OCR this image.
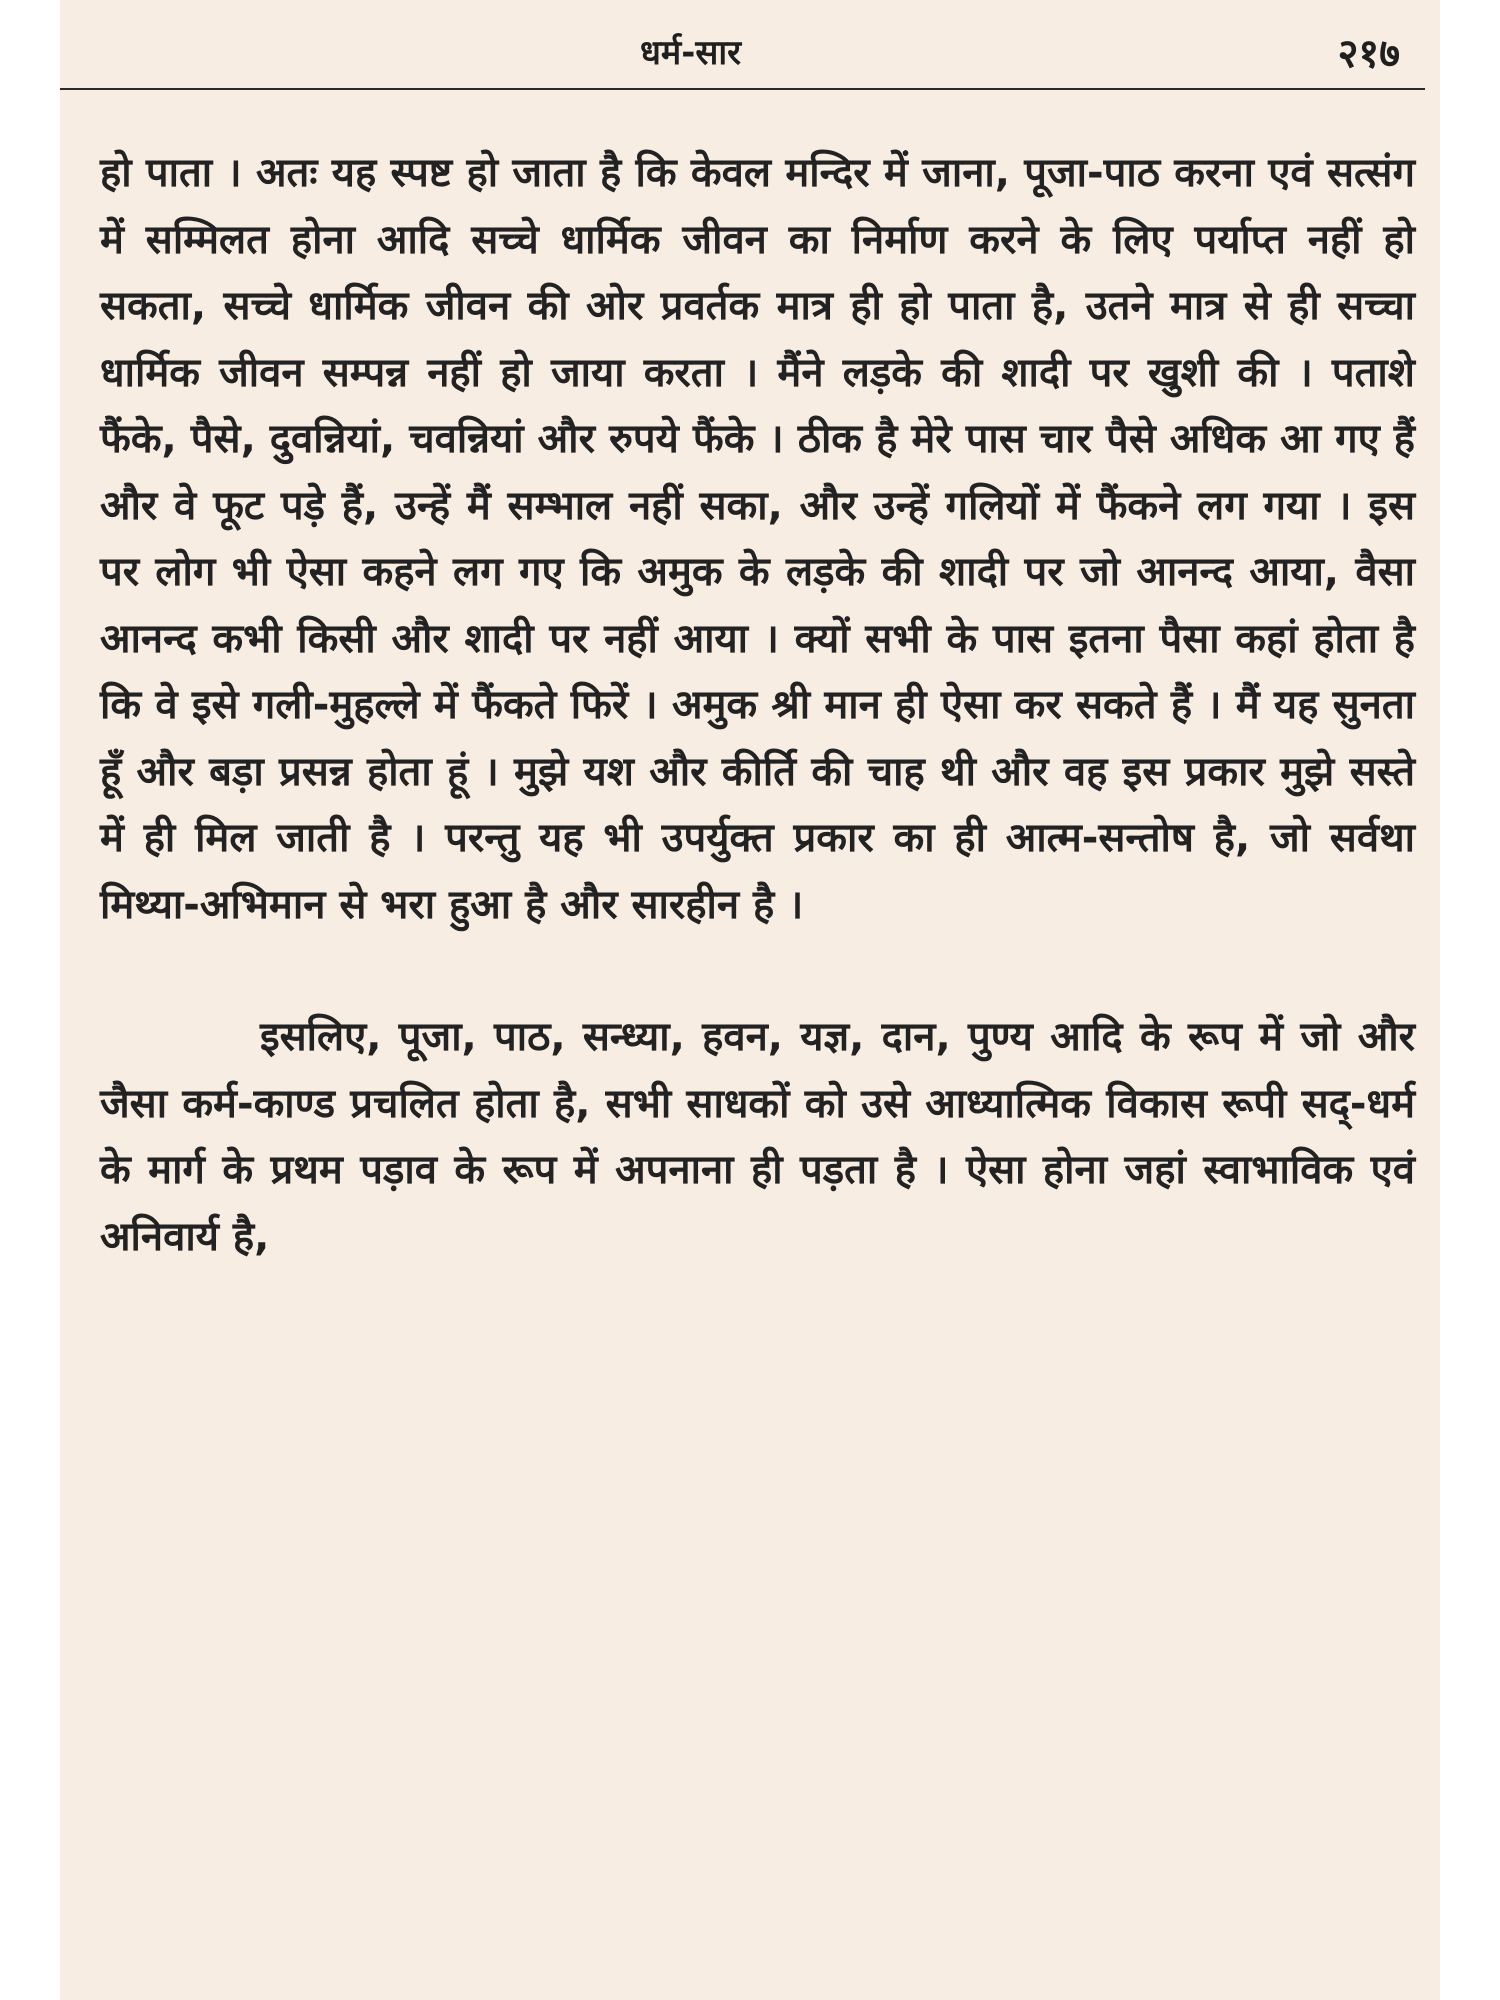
धर्म-सार	२१७

हो पाता । अतः यह स्पष्ट हो जाता है कि केवल मन्दिर में जाना, पूजा-पाठ करना एवं सत्संग में सम्मिलत होना आदि सच्चे धार्मिक जीवन का निर्माण करने के लिए पर्याप्त नहीं हो सकता, सच्चे धार्मिक जीवन की ओर प्रवर्तक मात्र ही हो पाता है, उतने मात्र से ही सच्चा धार्मिक जीवन सम्पन्न नहीं हो जाया करता । मैंने लड़के की शादी पर खुशी की । पताशे फैंके, पैसे, दुवन्नियां, चवन्नियां और रुपये फैंके । ठीक है मेरे पास चार पैसे अधिक आ गए हैं और वे फूट पड़े हैं, उन्हें मैं सम्भाल नहीं सका, और उन्हें गलियों में फैंकने लग गया । इस पर लोग भी ऐसा कहने लग गए कि अमुक के लड़के की शादी पर जो आनन्द आया, वैसा आनन्द कभी किसी और शादी पर नहीं आया । क्यों सभी के पास इतना पैसा कहां होता है कि वे इसे गली-मुहल्ले में फैंकते फिरें । अमुक श्री मान ही ऐसा कर सकते हैं । मैं यह सुनता हूँ और बड़ा प्रसन्न होता हूं । मुझे यश और कीर्ति की चाह थी और वह इस प्रकार मुझे सस्ते में ही मिल जाती है । परन्तु यह भी उपर्युक्त प्रकार का ही आत्म-सन्तोष है, जो सर्वथा मिथ्या-अभिमान से भरा हुआ है और सारहीन है ।

इसलिए, पूजा, पाठ, सन्ध्या, हवन, यज्ञ, दान, पुण्य आदि के रूप में जो और जैसा कर्म-काण्ड प्रचलित होता है, सभी साधकों को उसे आध्यात्मिक विकास रूपी सद्-धर्म के मार्ग के प्रथम पड़ाव के रूप में अपनाना ही पड़ता है । ऐसा होना जहां स्वाभाविक एवं अनिवार्य है,
